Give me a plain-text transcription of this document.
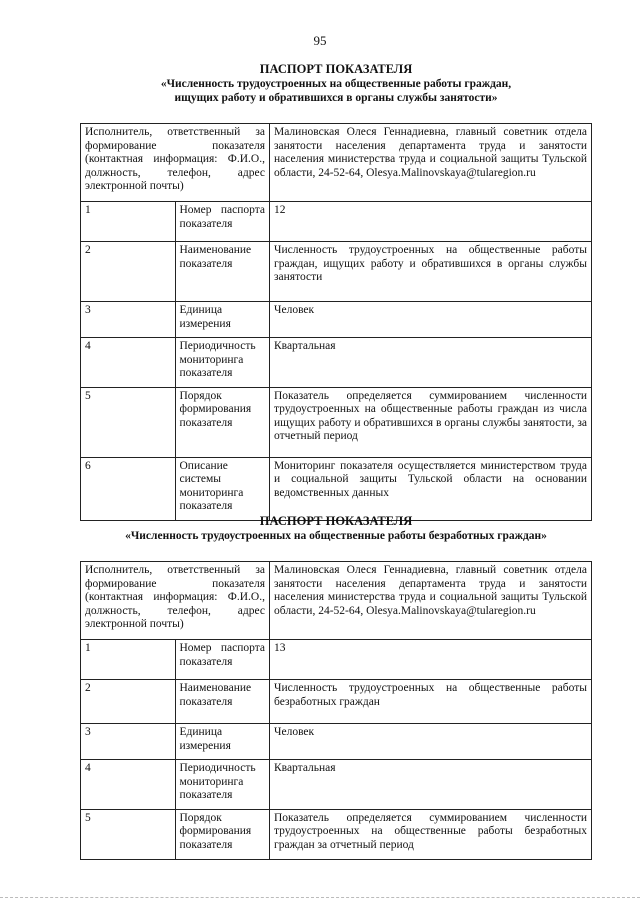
95

ПАСПОРТ ПОКАЗАТЕЛЯ

«Численность трудоустроенных на общественные работы граждан,

ищущих работу и обратившихся в органы службы занятости»

Исполнитель, ответственный за формирование показателя (контактная информация: Ф.И.О., должность, телефон, адрес электронной почты)		Малиновская Олеся Геннадиевна, главный советник отдела занятости населения департамента труда и занятости населения министерства труда и социальной защиты Тульской области, 24-52-64, Olesya.Malinovskaya@tularegion.ru
1	Номер паспорта показателя	12
2	Наименование показателя	Численность трудоустроенных на общественные работы граждан, ищущих работу и обратившихся в органы службы занятости
3	Единица измерения	Человек
4	Периодичность мониторинга показателя	Квартальная
5	Порядок формирования показателя	Показатель определяется суммированием численности трудоустроенных на общественные работы граждан из числа ищущих работу и обратившихся в органы службы занятости, за отчетный период
6	Описание системы мониторинга показателя	Мониторинг показателя осуществляется министерством труда и социальной защиты Тульской области на основании ведомственных данных

ПАСПОРТ ПОКАЗАТЕЛЯ

«Численность трудоустроенных на общественные работы безработных граждан»

Исполнитель, ответственный за формирование показателя (контактная информация: Ф.И.О., должность, телефон, адрес электронной почты)		Малиновская Олеся Геннадиевна, главный советник отдела занятости населения департамента труда и занятости населения министерства труда и социальной защиты Тульской области, 24-52-64, Olesya.Malinovskaya@tularegion.ru
1	Номер паспорта показателя	13
2	Наименование показателя	Численность трудоустроенных на общественные работы безработных граждан
3	Единица измерения	Человек
4	Периодичность мониторинга показателя	Квартальная
5	Порядок формирования показателя	Показатель определяется суммированием численности трудоустроенных на общественные работы безработных граждан за отчетный период
